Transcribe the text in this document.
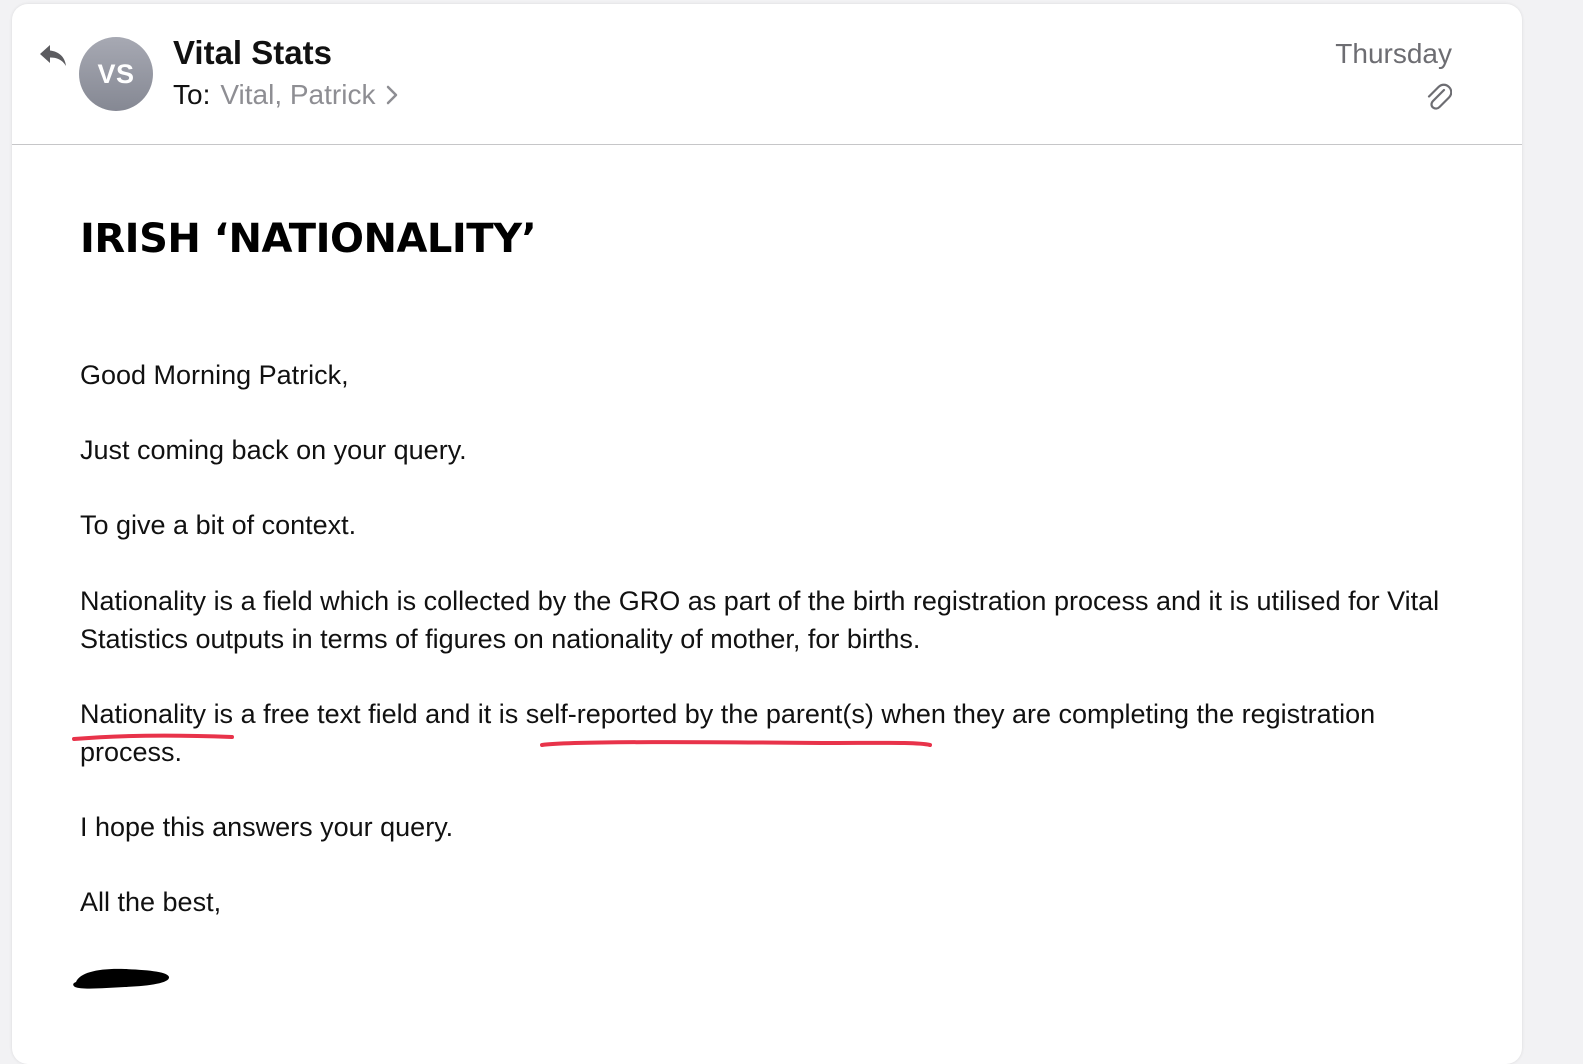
VS
Vital Stats
To: Vital, Patrick
Thursday
IRISH ‘NATIONALITY’
Good Morning Patrick,
Just coming back on your query.
To give a bit of context.
Nationality is a field which is collected by the GRO as part of the birth registration process and it is utilised for Vital Statistics outputs in terms of figures on nationality of mother, for births.
Nationality is a free text field and it is self-reported by the parent(s) when they are completing the registration process.
I hope this answers your query.
All the best,
